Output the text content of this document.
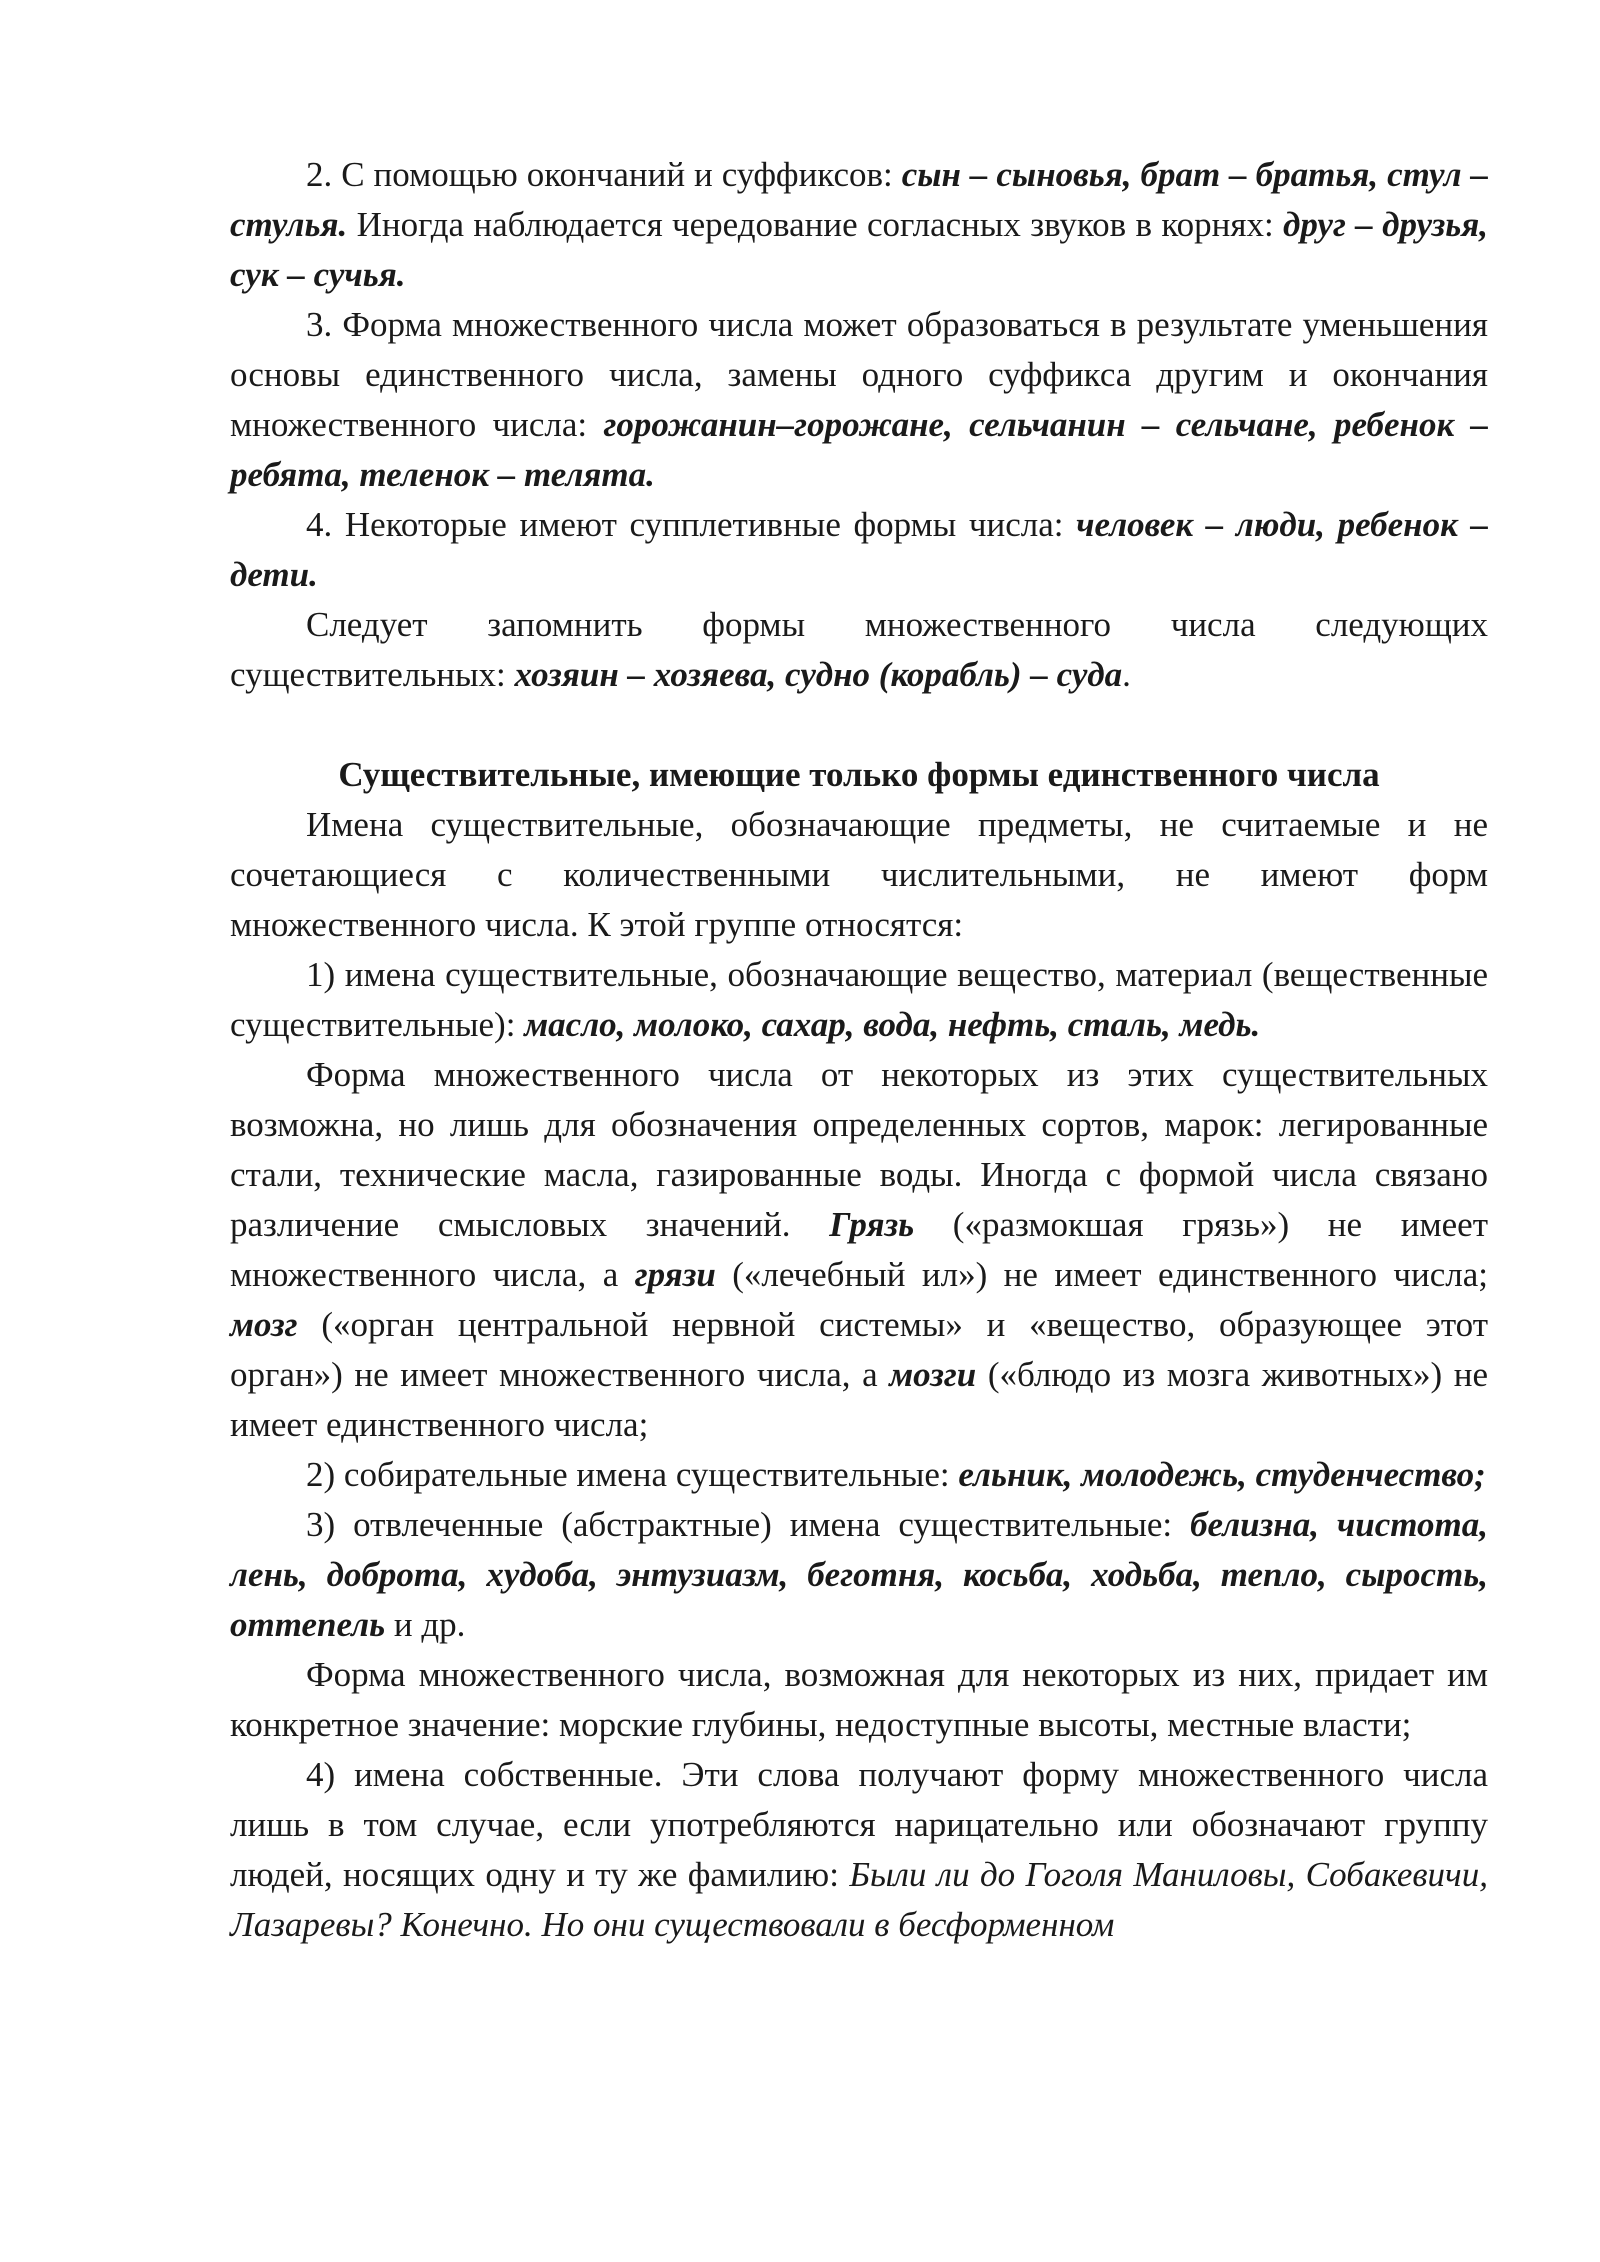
2. С помощью окончаний и суффиксов: сын – сыновья, брат – братья, стул – стулья. Иногда наблюдается чередование согласных звуков в корнях: друг – друзья, сук – сучья.

3. Форма множественного числа может образоваться в результате уменьшения основы единственного числа, замены одного суффикса другим и окончания множественного числа: горожанин–горожане, сельчанин – сельчане, ребенок –ребята, теленок – телята.

4. Некоторые имеют супплетивные формы числа: человек – люди, ребенок – дети.

Следует запомнить формы множественного числа следующих существительных: хозяин – хозяева, судно (корабль) – суда.

Существительные, имеющие только формы единственного числа

Имена существительные, обозначающие предметы, не считаемые и не сочетающиеся с количественными числительными, не имеют форм множественного числа. К этой группе относятся:

1) имена существительные, обозначающие вещество, материал (вещественные существительные): масло, молоко, сахар, вода, нефть, сталь, медь.

Форма множественного числа от некоторых из этих существительных возможна, но лишь для обозначения определенных сортов, марок: легированные стали, технические масла, газированные воды. Иногда с формой числа связано различение смысловых значений. Грязь («размокшая грязь») не имеет множественного числа, а грязи («лечебный ил») не имеет единственного числа; мозг («орган центральной нервной системы» и «вещество, образующее этот орган») не имеет множественного числа, а мозги («блюдо из мозга животных») не имеет единственного числа;

2) собирательные имена существительные: ельник, молодежь, студенчество;

3) отвлеченные (абстрактные) имена существительные: белизна, чистота, лень, доброта, худоба, энтузиазм, беготня, косьба, ходьба, тепло, сырость, оттепель и др.

Форма множественного числа, возможная для некоторых из них, придает им конкретное значение: морские глубины, недоступные высоты, местные власти;

4) имена собственные. Эти слова получают форму множественного числа лишь в том случае, если употребляются нарицательно или обозначают группу людей, носящих одну и ту же фамилию: Были ли до Гоголя Маниловы, Собакевичи, Лазаревы? Конечно. Но они существовали в бесформенном
